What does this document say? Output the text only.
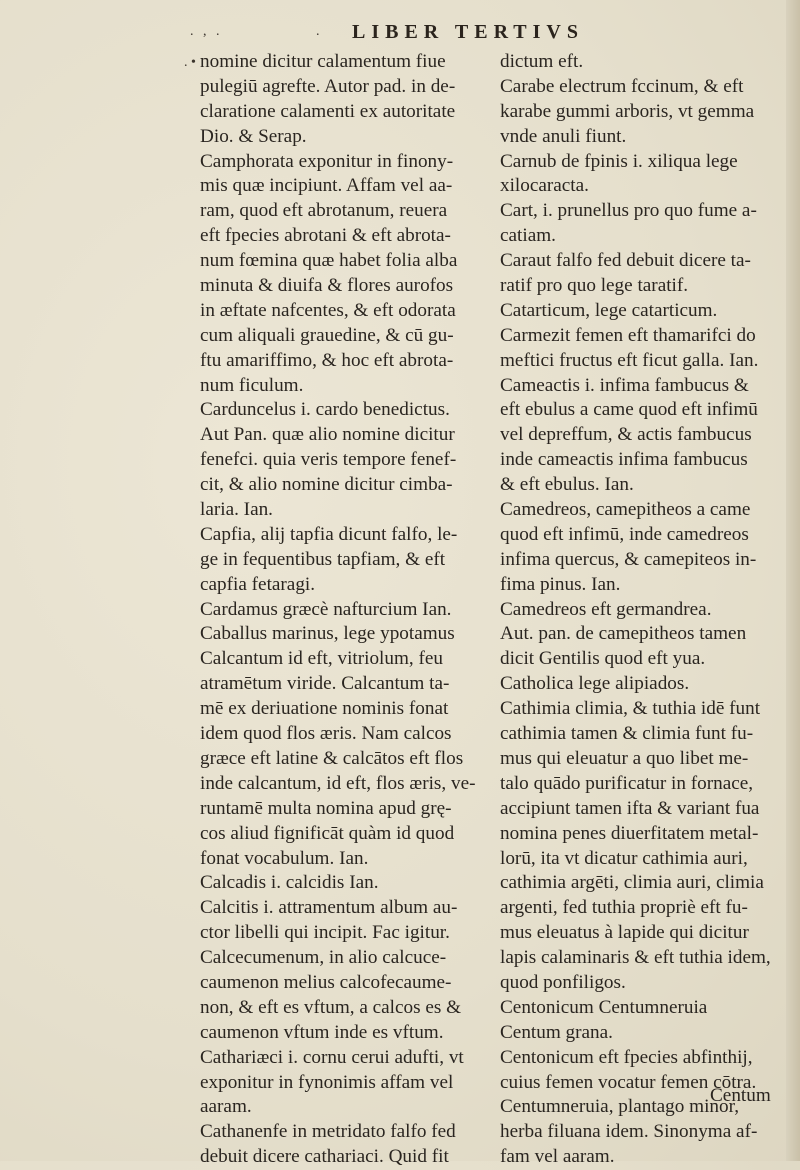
. , .	. LIBER TERTIVS
. • nomine dicitur calamentum fiue
pulegiū agrefte. Autor pad. in de-
claratione calamenti ex autoritate
Dio. & Serap.
Camphorata exponitur in finony-
mis quæ incipiunt. Affam vel aa-
ram, quod eft abrotanum, reuera
eft fpecies abrotani & eft abrota-
num fœmina quæ habet folia alba
minuta & diuifa & flores aurofos
in æftate nafcentes, & eft odorata
cum aliquali grauedine, & cū gu-
ftu amariffimo, & hoc eft abrota-
num ficulum.
Carduncelus i. cardo benedictus.
Aut Pan. quæ alio nomine dicitur
fenefci. quia veris tempore fenef-
cit, & alio nomine dicitur cimba-
laria. Ian.
Capfia, alij tapfia dicunt falfo, le-
ge in fequentibus tapfiam, & eft
capfia fetaragi.
Cardamus græcè nafturcium Ian.
Caballus marinus, lege ypotamus
Calcantum id eft, vitriolum, feu
atramētum viride. Calcantum ta-
mē ex deriuatione nominis fonat
idem quod flos æris. Nam calcos
græce eft latine & calcātos eft flos
inde calcantum, id eft, flos æris, ve-
runtamē multa nomina apud grę-
cos aliud fignificāt quàm id quod
fonat vocabulum. Ian.
Calcadis i. calcidis Ian.
Calcitis i. attramentum album au-
ctor libelli qui incipit. Fac igitur.
Calcecumenum, in alio calcuce-
caumenon melius calcofecaume-
non, & eft es vftum, a calcos es &
caumenon vftum inde es vftum.
Cathariæci i. cornu cerui adufti, vt
exponitur in fynonimis affam vel
aaram.
Cathanenfe in metridato falfo fed
debuit dicere cathariaci. Quid fit
dictum eft.
Carabe electrum fccinum, & eft
karabe gummi arboris, vt gemma
vnde anuli fiunt.
Carnub de fpinis i. xiliqua lege
xilocaracta.
Cart, i. prunellus pro quo fume a-
catiam.
Caraut falfo fed debuit dicere ta-
ratif pro quo lege taratif.
Catarticum, lege catarticum.
Carmezit femen eft thamarifci do
meftici fructus eft ficut galla. Ian.
Cameactis i. infima fambucus &
eft ebulus a came quod eft infimū
vel depreffum, & actis fambucus
inde cameactis infima fambucus
& eft ebulus. Ian.
Camedreos, camepitheos a came
quod eft infimū, inde camedreos
infima quercus, & camepiteos in-
fima pinus. Ian.
Camedreos eft germandrea.
Aut. pan. de camepitheos tamen
dicit Gentilis quod eft yua.
Catholica lege alipiados.
Cathimia climia, & tuthia idē funt
cathimia tamen & climia funt fu-
mus qui eleuatur a quo libet me-
talo quādo purificatur in fornace,
accipiunt tamen ifta & variant fua
nomina penes diuerfitatem metal-
lorū, ita vt dicatur cathimia auri,
cathimia argēti, climia auri, climia
argenti, fed tuthia propriè eft fu-
mus eleuatus à lapide qui dicitur
lapis calaminaris & eft tuthia idem,
quod ponfiligos.
Centonicum Centumneruia
Centum grana.
Centonicum eft fpecies abfinthij,
cuius femen vocatur femen cōtra.
Centumneruia, plantago minor,
herba filuana idem. Sinonyma af-
fam vel aaram.
Centum
